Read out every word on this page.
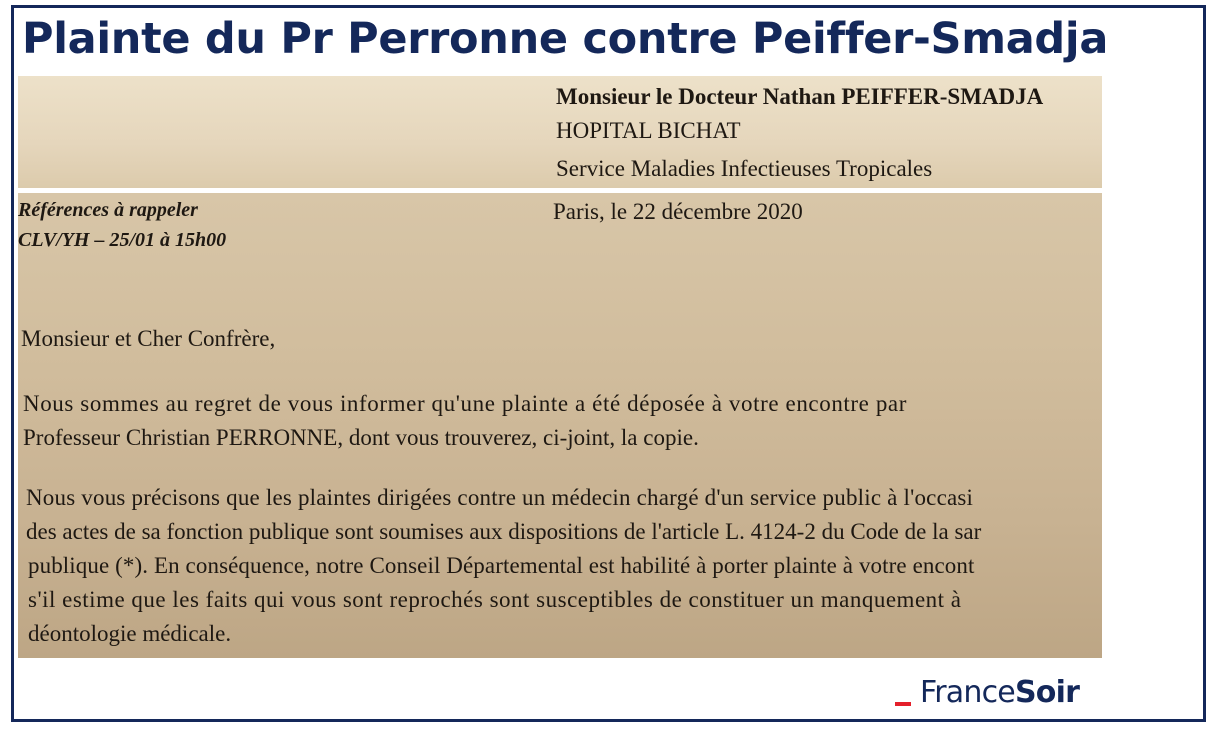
Plainte du Pr Perronne contre Peiffer-Smadja
Monsieur le Docteur Nathan PEIFFER-SMADJA
HOPITAL BICHAT
Service Maladies Infectieuses Tropicales
Références à rappeler
CLV/YH – 25/01 à 15h00
Paris, le 22 décembre 2020
Monsieur et Cher Confrère,
Nous sommes au regret de vous informer qu'une plainte a été déposée à votre encontre par
Professeur Christian PERRONNE, dont vous trouverez, ci-joint, la copie.
Nous vous précisons que les plaintes dirigées contre un médecin chargé d'un service public à l'occasi
des actes de sa fonction publique sont soumises aux dispositions de l'article L. 4124-2 du Code de la sar
publique (*). En conséquence, notre Conseil Départemental est habilité à porter plainte à votre encont
s'il estime que les faits qui vous sont reprochés sont susceptibles de constituer un manquement à
déontologie médicale.
FranceSoir
